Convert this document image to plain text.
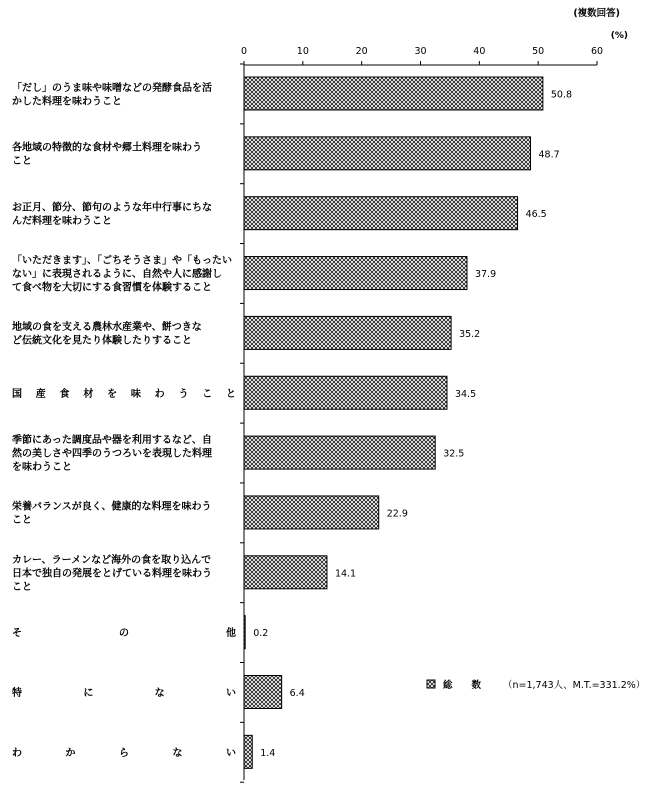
(複数回答)
(%)
0	10	20	30	40	50	60
「だし」のうま味や味噌などの発酵食品を活
かした料理を味わうこと
各地域の特徴的な食材や郷土料理を味わう
こと
お正月、節分、節句のような年中行事にちな
んだ料理を味わうこと
「いただきます」、「ごちそうさま」や「もったい
ない」に表現されるように、自然や人に感謝し
て食べ物を大切にする食習慣を体験すること
地域の食を支える農林水産業や、餅つきな
ど伝統文化を見たり体験したりすること
国 産 食 材 を 味 わ う こ と
季節にあった調度品や器を利用するなど、自
然の美しさや四季のうつろいを表現した料理
を味わうこと
栄養バランスが良く、健康的な料理を味わう
こと
カレー、ラーメンなど海外の食を取り込んで
日本で独自の発展をとげている料理を味わう
こと
そ の 他
特 に な い
わ か ら な い
50.8
48.7
46.5
37.9
35.2
34.5
32.5
22.9
14.1
0.2
6.4
1.4
総　　数 （n=1,743人、M.T.=331.2%）
